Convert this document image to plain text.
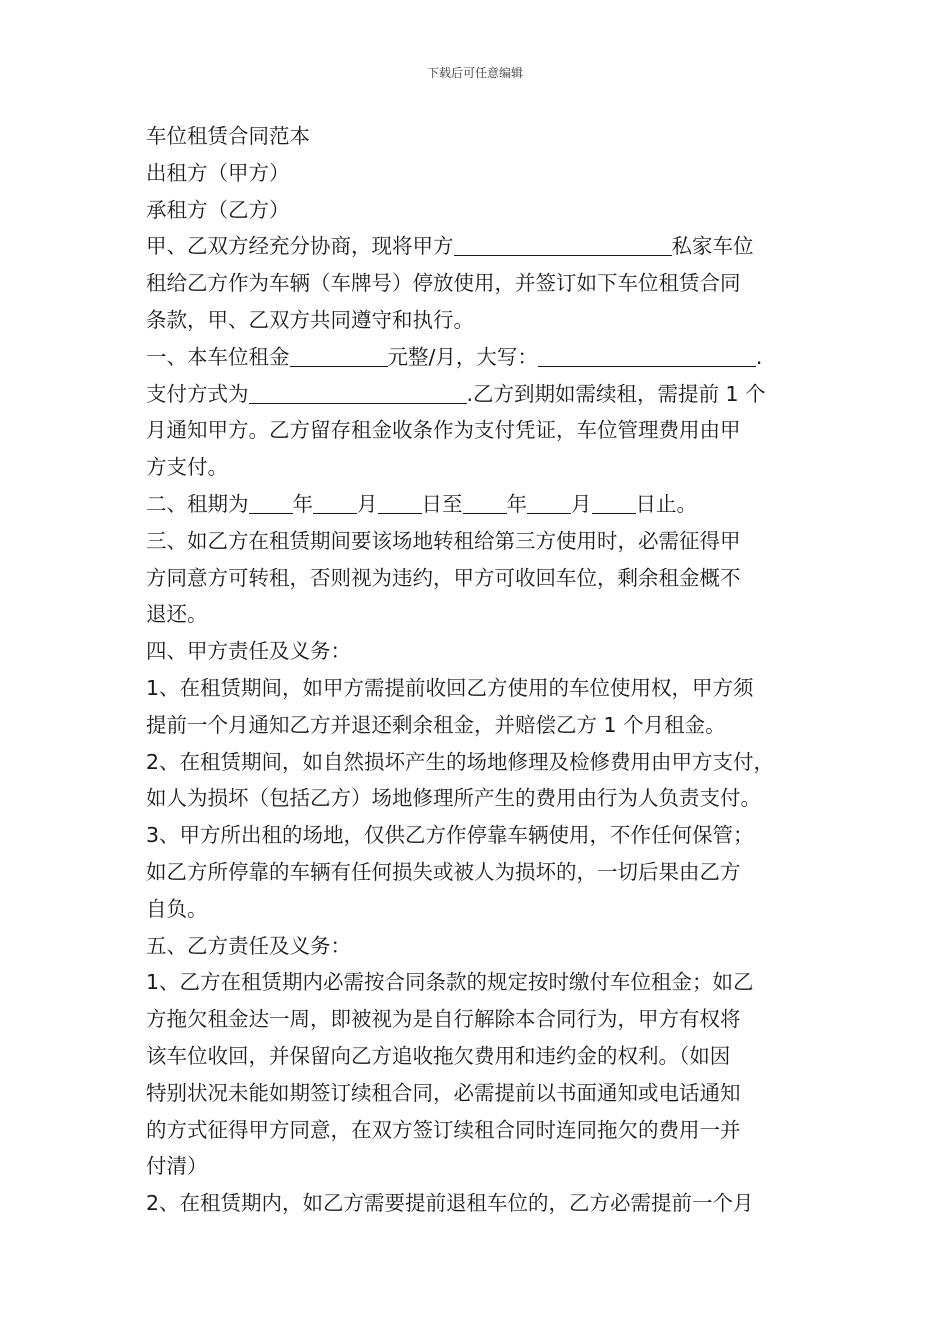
下载后可任意编辑
车位租赁合同范本
出租方（甲方）
承租方（乙方）
甲、乙双方经充分协商，现将甲方	私家车位
租给乙方作为车辆（车牌号）停放使用，并签订如下车位租赁合同
条款，甲、乙双方共同遵守和执行。
一、本车位租金	元整/月，大写：	.
支付方式为	.乙方到期如需续租，需提前 1 个
月通知甲方。乙方留存租金收条作为支付凭证，车位管理费用由甲
方支付。
二、租期为 年 月 日至 年 月 日止。
三、如乙方在租赁期间要该场地转租给第三方使用时，必需征得甲
方同意方可转租，否则视为违约，甲方可收回车位，剩余租金概不
退还。
四、甲方责任及义务：
1、在租赁期间，如甲方需提前收回乙方使用的车位使用权，甲方须
提前一个月通知乙方并退还剩余租金，并赔偿乙方 1 个月租金。
2、在租赁期间，如自然损坏产生的场地修理及检修费用由甲方支付，
如人为损坏（包括乙方）场地修理所产生的费用由行为人负责支付。
3、甲方所出租的场地，仅供乙方作停靠车辆使用，不作任何保管；
如乙方所停靠的车辆有任何损失或被人为损坏的，一切后果由乙方
自负。
五、乙方责任及义务：
1、乙方在租赁期内必需按合同条款的规定按时缴付车位租金；如乙
方拖欠租金达一周，即被视为是自行解除本合同行为，甲方有权将
该车位收回，并保留向乙方追收拖欠费用和违约金的权利。（如因
特别状况未能如期签订续租合同，必需提前以书面通知或电话通知
的方式征得甲方同意，在双方签订续租合同时连同拖欠的费用一并
付清）
2、在租赁期内，如乙方需要提前退租车位的，乙方必需提前一个月
